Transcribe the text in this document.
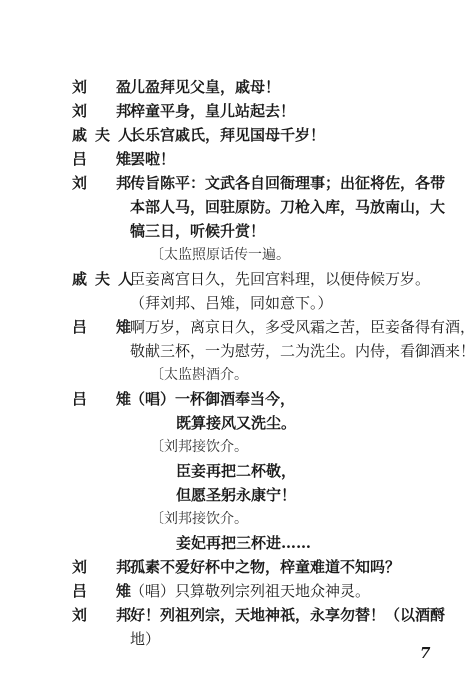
刘 盈
儿盈拜见父皇，戚母！
刘 邦
梓童平身，皇儿站起去！
戚夫人
长乐宫戚氏，拜见国母千岁！
吕 雉
罢啦！
刘 邦
传旨陈平：文武各自回衙理事；出征将佐，各带
本部人马，回驻原防。刀枪入库，马放南山，大
犒三日，听候升赏！
〔太监照原话传一遍。
戚夫人
臣妾离宫日久，先回宫料理，以便侍候万岁。
（拜刘邦、吕雉，同如意下。）
吕 雉
啊万岁，离京日久，多受风霜之苦，臣妾备得有酒，
敬献三杯，一为慰劳，二为洗尘。内侍，看御酒来！
〔太监斟酒介。
吕 雉
（唱）一杯御酒奉当今，
既算接风又洗尘。
〔刘邦接饮介。
臣妾再把二杯敬，
但愿圣躬永康宁！
〔刘邦接饮介。
妾妃再把三杯进……
刘 邦
孤素不爱好杯中之物，梓童难道不知吗？
吕 雉
（唱）只算敬列宗列祖天地众神灵。
刘 邦
好！列祖列宗，天地神祇，永享勿替！（以酒酹
地）
7
